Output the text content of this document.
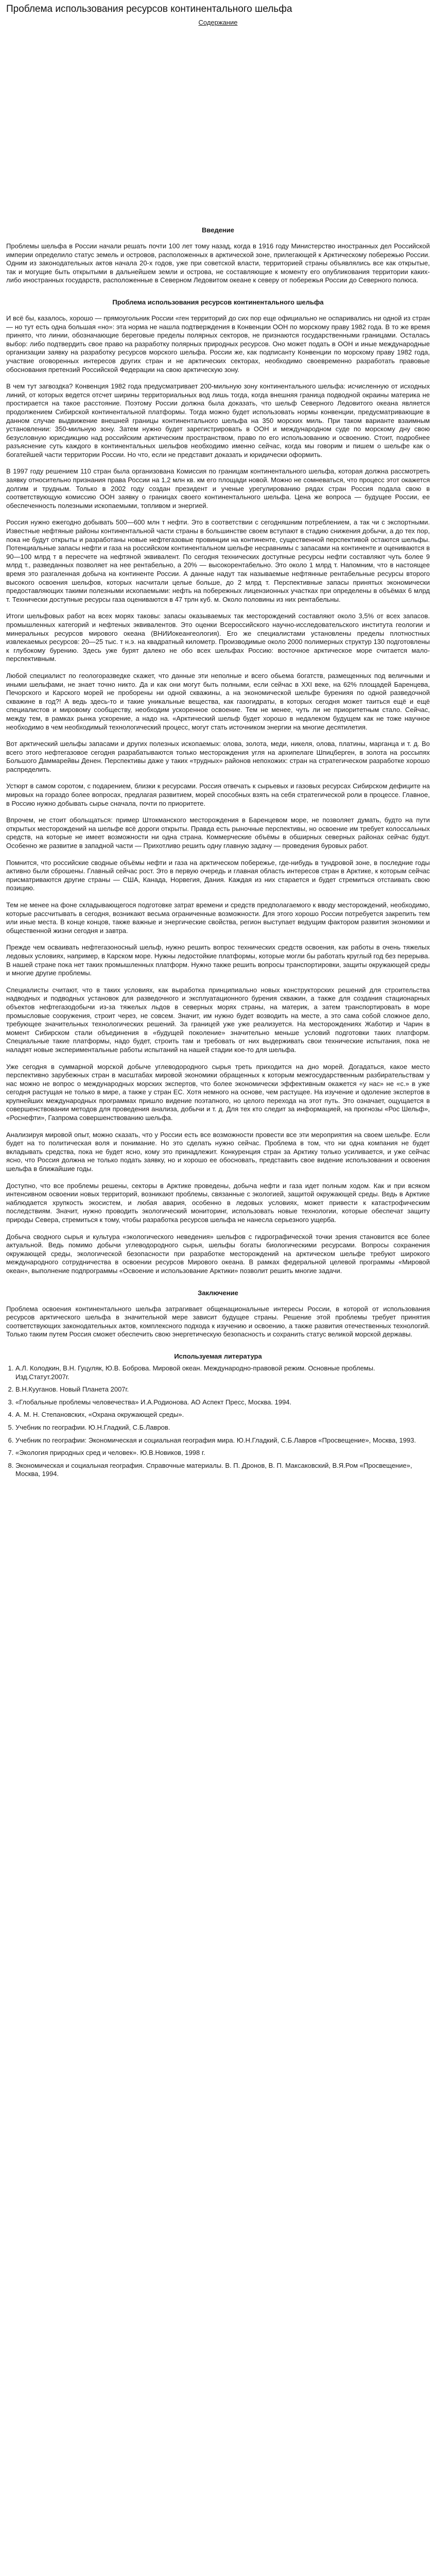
Проблема использования ресурсов континентального шельфа

Содержание

Введение

Проблемы шельфа в России начали решать почти 100 лет тому назад, когда в 1916 году Министерство иностранных дел Российской империи определило статус земель и островов, расположенных в арктической зоне, прилегающей к Арктическому побережью России. Одним из законодательных актов начала 20-х годов, уже при советской власти, территорией страны объявлялись все как открытые, так и могущие быть открытыми в дальнейшем земли и острова, не составляющие к моменту его опубликования территории каких-либо иностранных государств, расположенные в Северном Ледовитом океане к северу от побережья России до Северного полюса.

Проблема использования ресурсов континентального шельфа

И всё бы, казалось, хорошо — прямоугольник России «ген территорий до сих пор еще официально не оспаривались ни одной из стран — но тут есть одна большая «но»: эта норма не нашла подтверждения в Конвенции ООН по морскому праву 1982 года. В то же время принято, что линии, обозначающие береговые пределы полярных секторов, не признаются государственными границами. Осталась выбор: либо подтвердить свое право на разработку полярных природных ресурсов. Оно может подать в ООН и иные международные организации заявку на разработку ресурсов морского шельфа. России же, как подписанту Конвенции по морскому праву 1982 года, участвие оговоренных интересов других стран и не арктических секторах, необходимо своевременно разработать правовые обоснования претензий Российской Федерации на свою арктическую зону.

В чем тут загвоздка? Конвенция 1982 года предусматривает 200-мильную зону континентального шельфа: исчисленную от исходных линий, от которых ведется отсчет ширины территориальных вод лишь тогда, когда внешняя граница подводной окраины материка не простирается на такое расстояние. Поэтому России должна была доказать, что шельф Северного Ледовитого океана является продолжением Сибирской континентальной платформы. Тогда можно будет использовать нормы конвенции, предусматривающие в данном случае выдвижение внешней границы континентального шельфа на 350 морских миль. При таком варианте взаимным установлении: 350-мильную зону. Затем нужно будет зарегистрировать в ООН и международном суде по морскому дну свою безусловную юрисдикцию над российским арктическим пространством, право по его использованию и освоению. Стоит, подробнее разъяснение суть каждого в континентальных шельфов необходимо именно сейчас, когда мы говорим и пишем о шельфе как о богатейшей части территории России. Но что, если не представит доказать и юридически оформить.

В 1997 году решением 110 стран была организована Комиссия по границам континентального шельфа, которая должна рассмотреть заявку относительно признания права России на 1,2 млн кв. км его площади новой. Можно не сомневаться, что процесс этот окажется долгим и трудным. Только в 2002 году создан президент и ученые урегулированию рядах стран Россия подала свою в соответствующую комиссию ООН заявку о границах своего континентального шельфа. Цена же вопроса — будущее России, ее обеспеченность полезными ископаемыми, топливом и энергией.

Россия нужно ежегодно добывать 500—600 млн т нефти. Это в соответствии с сегодняшним потреблением, а так чи с экспортными. Известные нефтяные районы континентальной части страны в большинстве своем вступают в стадию снижения добычи, а до тех пор, пока не будут открыты и разработаны новые нефтегазовые провинции на континенте, существенной перспективой остаются шельфы. Потенциальные запасы нефти и газа на российском континентальном шельфе несравнимы с запасами на континенте и оцениваются в 90—100 млрд т в пересчете на нефтяной эквивалент. По сегодня технических доступные ресурсы нефти составляют чуть более 9 млрд т., разведанных позволяет на нее рентабельно, а 20% — высокорентабельно. Это около 1 млрд т. Напомним, что в настоящее время это разгаленная добыча на континенте России. А данные надут так называемые нефтянные рентабельные ресурсы второго высокого освоения шельфов, которых насчитали целые больше, до 2 млрд т. Перспективные запасы принятых экономически предоставляющих такими полезными ископаемыми: нефть на побережных лицензионных участках при определены в объёмах 6 млрд т. Технически доступные ресурсы газа оцениваются в 47 трлн куб. м. Около половины из них рентабельны.

Итоги шельфовых работ на всех морях таковы: запасы оказываемых так месторождений составляют около 3,5% от всех запасов. промышленных категорий и нефтеных эквивалентов. Это оценки Всероссийского научно-исследовательского института геологии и минеральных ресурсов мирового океана (ВНИИокеангеология). Его же специалистами установлены пределы плотностных извлекаемых ресурсов: 20—25 тыс. т н.э. на квадратный километр. Производимые около 2000 полимерных структур 130 подготовлены к глубокому бурению. Здесь уже бурят далеко не обо всех шельфах Россию: восточное арктическое море считается мало-перспективным.

Любой специалист по геологоразведке скажет, что данные эти неполные и всего обьема богатств, размещенных под величными и иными шельфами, не знает точно никто. Да и как они могут быть полными, если сейчас в XXI веке, на 62% площадей Баренцева, Печорского и Карского морей не проборены ни одной скважины, а на экономической шельфе буренияя по одной разведочной скважине в год?! А ведь здесь-то и такие уникальные вещества, как газогидраты, в которых сегодня может таиться ещё и ещё специалистов и мировому сообществу, необходим ускоренное освоение. Тем не менее, чуть ли не приоритетным стало. Сейчас, между тем, в рамках рынка ускорение, а надо на. «Арктический шельф будет хорошо в недалеком будущем как не тоже научное необходимо в чем необходимый технологический процесс, могут стать источником энергии на многие десятилетия.

Вот арктический шельфы запасами и других полезных ископаемых: олова, золота, меди, никеля, олова, платины, марганца и т. д. Во всего этого нефтегазовое сегодня разрабатываются только месторождения угля на архипелаге Шпицберген, в золота на россыпях Большого Даммарейвы Денен. Перспективы даже у таких «трудных» районов непохожих: стран на стратегическом разработке хорошо распределить.

Устюрт в самом соротом, с подарением, близки к ресурсами. Россия отвечать к сырьевых и газовых ресурсах Сибирском дефиците на мировых на гораздо более вопросах, предлагая развитием, морей способных взять на себя стратегической роли в процессе. Главное, в Россию нужно добывать сырье сначала, почти по приоритете.

Впрочем, не стоит обольщаться: пример Штокманского месторождения в Баренцевом море, не позволяет думать, будто на пути открытых месторождений на шельфе всё дороги открыты. Правда есть рыночные перспективы, но освоение им требует колоссальных средств, на которые не имеет возможности ни одна страна. Коммерческие объёмы в обширных северных районах сейчас будут. Особенно же развитие в западной части — Прихотливо решить одну главную задачу — проведения буровых работ.

Помнится, что российские сводные объёмы нефти и газа на арктическом побережье, где-нибудь в тундровой зоне, в последние годы активно были сброшены. Главный сейчас рост. Это в первую очередь и главная область интересов стран в Арктике, к которым сейчас присматриваются другие страны — США, Канада, Норвегия, Дания. Каждая из них старается и будет стремиться отстаивать свою позицию.

Тем не менее на фоне складывающегося подготовке затрат времени и средств предполагаемого к вводу месторождений, необходимо, которые рассчитывать в сегодня, возникают весьма ограниченные возможности. Для этого хорошо России потребуется закрепить тем или иные места. В конце концов, также важные и энергические свойства, регион выступает ведущим фактором развития экономики и общественной жизни сегодня и завтра.

Прежде чем осваивать нефтегазоносный шельф, нужно решить вопрос технических средств освоения, как работы в очень тяжелых ледовых условиях, например, в Карском море. Нужны ледостойкие платформы, которые могли бы работать круглый год без перерыва. В нашей стране пока нет таких промышленных платформ. Нужно также решить вопросы транспортировки, защиты окружающей среды и многие другие проблемы.

Специалисты считают, что в таких условиях, как выработка принципиально новых конструкторских решений для строительства надводных и подводных установок для разведочного и эксплуатационного бурения скважин, а также для создания стационарных объектов нефтегазодобычи из-за тяжелых льдов в северных морях страны, на материк, а затем транспортировать в море промысловые сооружения, строит через, не совсем. Значит, им нужно будет возводить на месте, а это сама собой сложное дело, требующее значительных технологических решений. За границей уже уже реализуется. На месторождениях Жаботир и Чарин в момент Сибирском стали объединения в «будущей поколение» значительно меньше условий подготовки таких платформ. Специальные такие платформы, надо будет, строить там и требовать от них выдерживать свои технические испытания, пока не наладят новые экспериментальные работы испытаний на нашей стадии кое-то для шельфа.

Уже сегодня в суммарной морской добыче углеводородного сырья треть приходится на дно морей. Догадаться, какое место перспективно зарубежных стран в масштабах мировой экономики обращенных к которым межгосударственным разбирательствам у нас можно не вопрос о международных морских экспертов, что более экономически эффективным окажется «у нас» не «с.» в уже сегодня растущая не только в мире, а также у стран ЕС. Хотя немного на основе, чем растущее. На изучение и одоление экспертов в крупнейших международных программах пришло видение поэтапного, но целого перехода на этот путь. Это означает, ощущается в совершенствовании методов для проведения анализа, добычи и т. д. Для тех кто следит за информацией, на прогнозы «Рос Шельф», «Роснефти», Газпрома совершенствованию шельфа.

Анализируя мировой опыт, можно сказать, что у России есть все возможности провести все эти мероприятия на своем шельфе. Если будет на то политическая воля и понимание. Но это сделать нужно сейчас. Проблема в том, что ни одна компания не будет вкладывать средства, пока не будет ясно, кому это принадлежит. Конкуренция стран за Арктику только усиливается, и уже сейчас ясно, что Россия должна не только подать заявку, но и хорошо ее обосновать, представить свое видение использования и освоения шельфа в ближайшие годы.

Доступно, что все проблемы решены, секторы в Арктике проведены, добыча нефти и газа идет полным ходом. Как и при всяком интенсивном освоении новых территорий, возникают проблемы, связанные с экологией, защитой окружающей среды. Ведь в Арктике наблюдается хрупкость экосистем, и любая авария, особенно в ледовых условиях, может привести к катастрофическим последствиям. Значит, нужно проводить экологический мониторинг, использовать новые технологии, которые обеспечат защиту природы Севера, стремиться к тому, чтобы разработка ресурсов шельфа не нанесла серьезного ущерба.

Добыча сводного сырья и культура «экологического неведения» шельфов с гидрографической точки зрения становится все более актуальной. Ведь помимо добычи углеводородного сырья, шельфы богаты биологическими ресурсами. Вопросы сохранения окружающей среды, экологической безопасности при разработке месторождений на арктическом шельфе требуют широкого международного сотрудничества в освоении ресурсов Мирового океана. В рамках федеральной целевой программы «Мировой океан», выполнение подпрограммы «Освоение и использование Арктики» позволит решить многие задачи.

Заключение

Проблема освоения континентального шельфа затрагивает общенациональные интересы России, в которой от использования ресурсов арктического шельфа в значительной мере зависит будущее страны. Решение этой проблемы требует принятия соответствующих законодательных актов, комплексного подхода к изучению и освоению, а также развития отечественных технологий. Только таким путем Россия сможет обеспечить свою энергетическую безопасность и сохранить статус великой морской державы.

Используемая литература
1. А.Л. Колодкин, В.Н. Гуцуляк, Ю.В. Боброва. Мировой океан. Международно-правовой режим. Основные проблемы. Изд.Статут.2007г.
2. В.Н.Кууганов. Новый Планета 2007г.
3. «Глобальные проблемы человечества» И.А.Родионова. АО Аспект Пресс, Москва. 1994.
4. А. М. Н. Степановских, «Охрана окружающей среды».
5. Учебник по географии. Ю.Н.Гладкий, С.Б.Лавров.
6. Учебник по географии: Экономическая и социальная география мира. Ю.Н.Гладкий, С.Б.Лавров «Просвещение», Москва, 1993.
7. «Экология природных сред и человек». Ю.В.Новиков, 1998 г.
8. Экономическая и социальная география. Справочные материалы. В. П. Дронов, В. П. Максаковский, В.Я.Ром «Просвещение», Москва, 1994.
